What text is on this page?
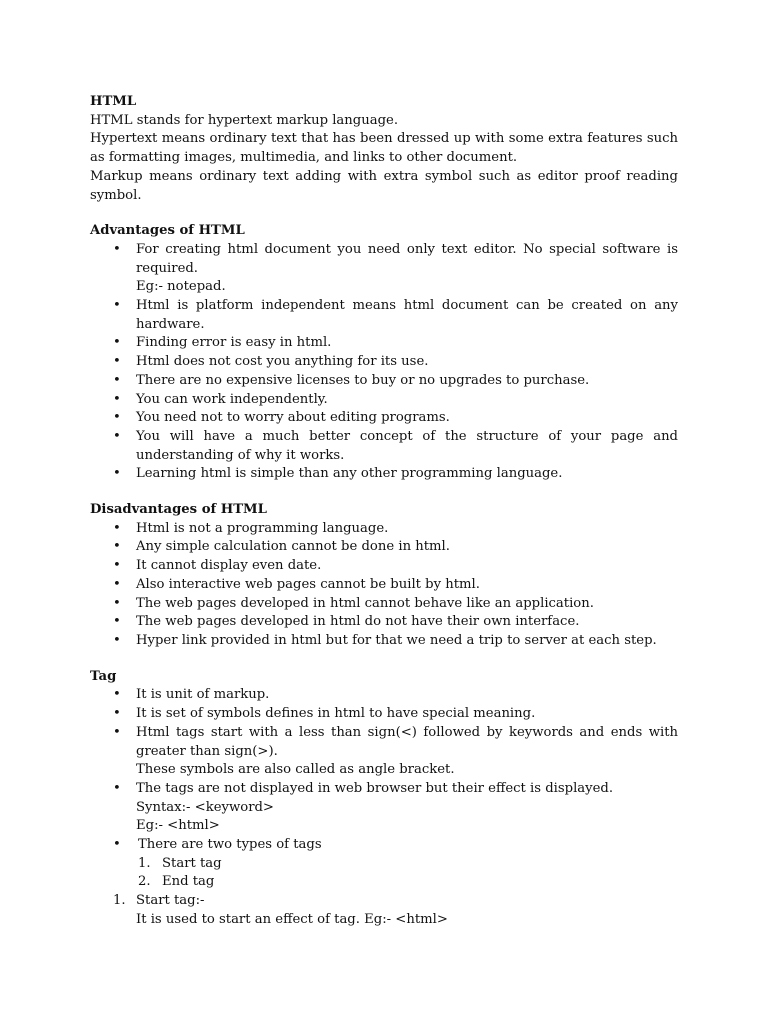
HTML
HTML stands for hypertext markup language.
Hypertext means ordinary text that has been dressed up with some extra features such as formatting images, multimedia, and links to other document.
Markup means ordinary text adding with extra symbol such as editor proof reading symbol.
Advantages of HTML
• For creating html document you need only text editor. No special software is required.
Eg:- notepad.
• Html is platform independent means html document can be created on any hardware.
• Finding error is easy in html.
• Html does not cost you anything for its use.
• There are no expensive licenses to buy or no upgrades to purchase.
• You can work independently.
• You need not to worry about editing programs.
• You will have a much better concept of the structure of your page and understanding of why it works.
• Learning html is simple than any other programming language.
Disadvantages of HTML
• Html is not a programming language.
• Any simple calculation cannot be done in html.
• It cannot display even date.
• Also interactive web pages cannot be built by html.
• The web pages developed in html cannot behave like an application.
• The web pages developed in html do not have their own interface.
• Hyper link provided in html but for that we need a trip to server at each step.
Tag
• It is unit of markup.
• It is set of symbols defines in html to have special meaning.
• Html tags start with a less than sign(<) followed by keywords and ends with greater than sign(>).
These symbols are also called as angle bracket.
• The tags are not displayed in web browser but their effect is displayed.
Syntax:- <keyword>
Eg:- <html>
• There are two types of tags
1. Start tag
2. End tag
1. Start tag:-
It is used to start an effect of tag. Eg:- <html>
